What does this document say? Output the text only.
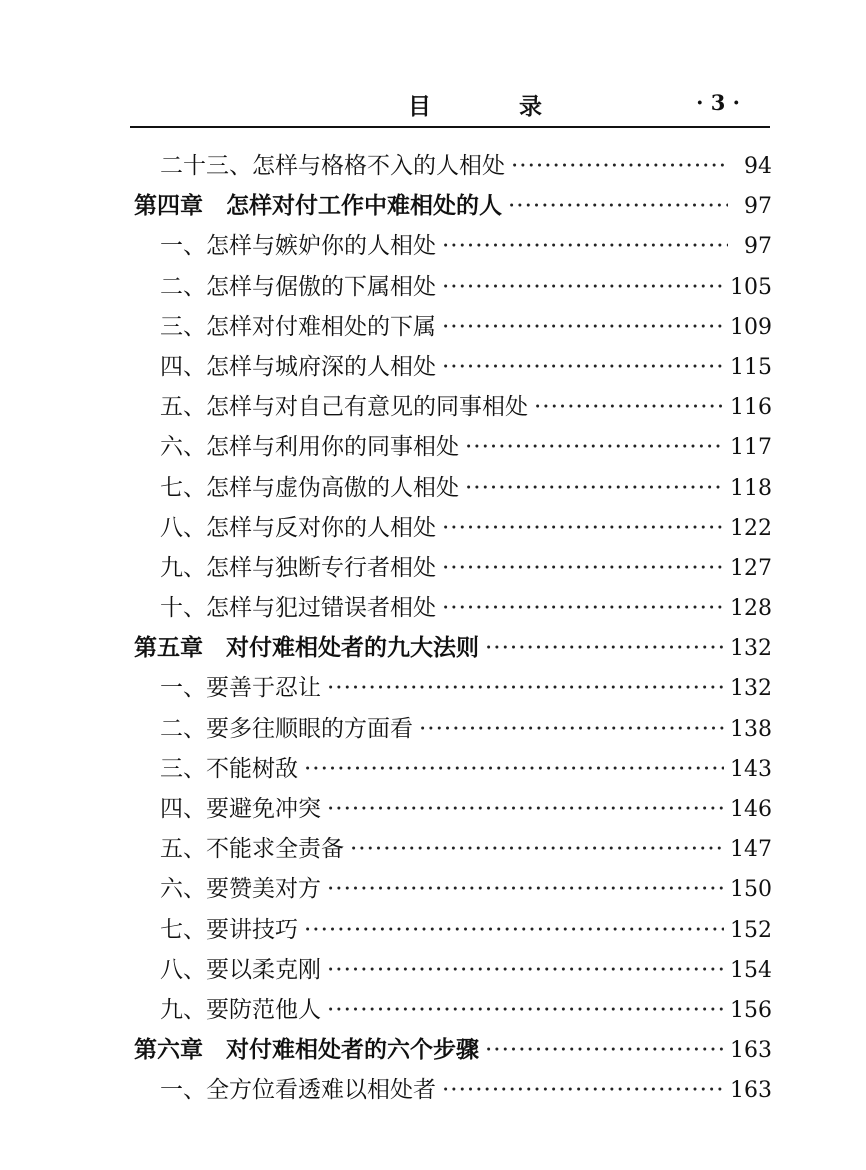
目 录	· 3 ·
二十三、怎样与格格不入的人相处 ·····	94
第四章　怎样对付工作中难相处的人 ·····	97
一、怎样与嫉妒你的人相处 ·····	97
二、怎样与倨傲的下属相处 ·····	105
三、怎样对付难相处的下属 ·····	109
四、怎样与城府深的人相处 ·····	115
五、怎样与对自己有意见的同事相处 ·····	116
六、怎样与利用你的同事相处 ·····	117
七、怎样与虚伪高傲的人相处 ·····	118
八、怎样与反对你的人相处 ·····	122
九、怎样与独断专行者相处 ·····	127
十、怎样与犯过错误者相处 ·····	128
第五章　对付难相处者的九大法则 ·····	132
一、要善于忍让 ·····	132
二、要多往顺眼的方面看 ·····	138
三、不能树敌 ·····	143
四、要避免冲突 ·····	146
五、不能求全责备 ·····	147
六、要赞美对方 ·····	150
七、要讲技巧 ·····	152
八、要以柔克刚 ·····	154
九、要防范他人 ·····	156
第六章　对付难相处者的六个步骤 ·····	163
一、全方位看透难以相处者 ·····	163
